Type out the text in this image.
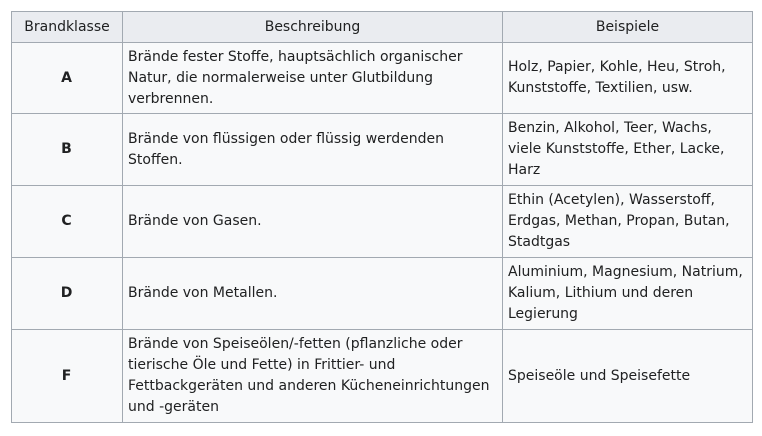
Brandklasse	Beschreibung	Beispiele
A	Brände fester Stoffe, hauptsächlich organischer Natur, die normalerweise unter Glutbildung verbrennen.	Holz, Papier, Kohle, Heu, Stroh, Kunststoffe, Textilien, usw.
B	Brände von flüssigen oder flüssig werdenden Stoffen.	Benzin, Alkohol, Teer, Wachs, viele Kunststoffe, Ether, Lacke, Harz
C	Brände von Gasen.	Ethin (Acetylen), Wasserstoff, Erdgas, Methan, Propan, Butan, Stadtgas
D	Brände von Metallen.	Aluminium, Magnesium, Natrium, Kalium, Lithium und deren Legierung
F	Brände von Speiseölen/-fetten (pflanzliche oder tierische Öle und Fette) in Frittier- und Fettbackgeräten und anderen Kücheneinrichtungen und -geräten	Speiseöle und Speisefette
